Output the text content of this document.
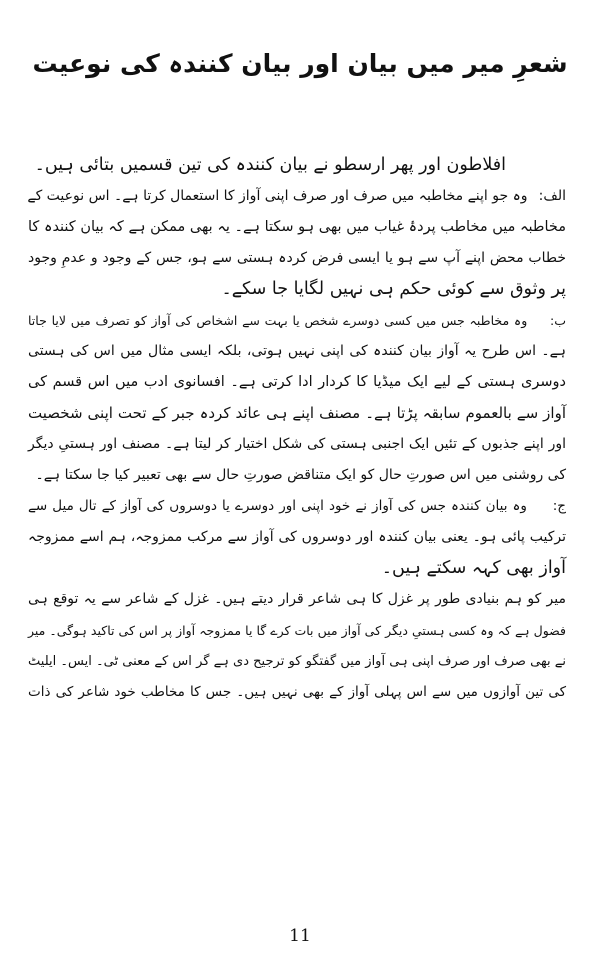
شعرِ میر میں بیان اور بیان کنندہ کی نوعیت
افلاطون اور پھر ارسطو نے بیان کنندہ کی تین قسمیں بتائی ہیں۔
الف: وہ جو اپنے مخاطبہ میں صرف اور صرف اپنی آواز کا استعمال کرتا ہے۔ اس نوعیت کے
مخاطبہ میں مخاطب پردۂ غیاب میں بھی ہو سکتا ہے۔ یہ بھی ممکن ہے کہ بیان کنندہ کا
خطاب محض اپنے آپ سے ہو یا ایسی فرض کردہ ہستی سے ہو، جس کے وجود و عدمِ وجود
پر وثوق سے کوئی حکم ہی نہیں لگایا جا سکے۔
ب: وہ مخاطبہ جس میں کسی دوسرے شخص یا بہت سے اشخاص کی آواز کو تصرف میں لایا جاتا
ہے۔ اس طرح یہ آواز بیان کنندہ کی اپنی نہیں ہوتی، بلکہ ایسی مثال میں اس کی ہستی
دوسری ہستی کے لیے ایک میڈیا کا کردار ادا کرتی ہے۔ افسانوی ادب میں اس قسم کی
آواز سے بالعموم سابقہ پڑتا ہے۔ مصنف اپنے ہی عائد کردہ جبر کے تحت اپنی شخصیت
اور اپنے جذبوں کے تئیں ایک اجنبی ہستی کی شکل اختیار کر لیتا ہے۔ مصنف اور ہستیِ دیگر
کی روشنی میں اس صورتِ حال کو ایک متناقض صورتِ حال سے بھی تعبیر کیا جا سکتا ہے۔
ج: وہ بیان کنندہ جس کی آواز نے خود اپنی اور دوسرے یا دوسروں کی آواز کے تال میل سے
ترکیب پائی ہو۔ یعنی بیان کنندہ اور دوسروں کی آواز سے مرکب ممزوجہ، ہم اسے ممزوجہ
آواز بھی کہہ سکتے ہیں۔
میر کو ہم بنیادی طور پر غزل کا ہی شاعر قرار دیتے ہیں۔ غزل کے شاعر سے یہ توقع ہی
فضول ہے کہ وہ کسی ہستیِ دیگر کی آواز میں بات کرے گا یا ممزوجہ آواز پر اس کی تاکید ہوگی۔ میر
نے بھی صرف اور صرف اپنی ہی آواز میں گفتگو کو ترجیح دی ہے گر اس کے معنی ٹی۔ ایس۔ ایلیٹ
کی تین آوازوں میں سے اس پہلی آواز کے بھی نہیں ہیں۔ جس کا مخاطب خود شاعر کی ذات
11
